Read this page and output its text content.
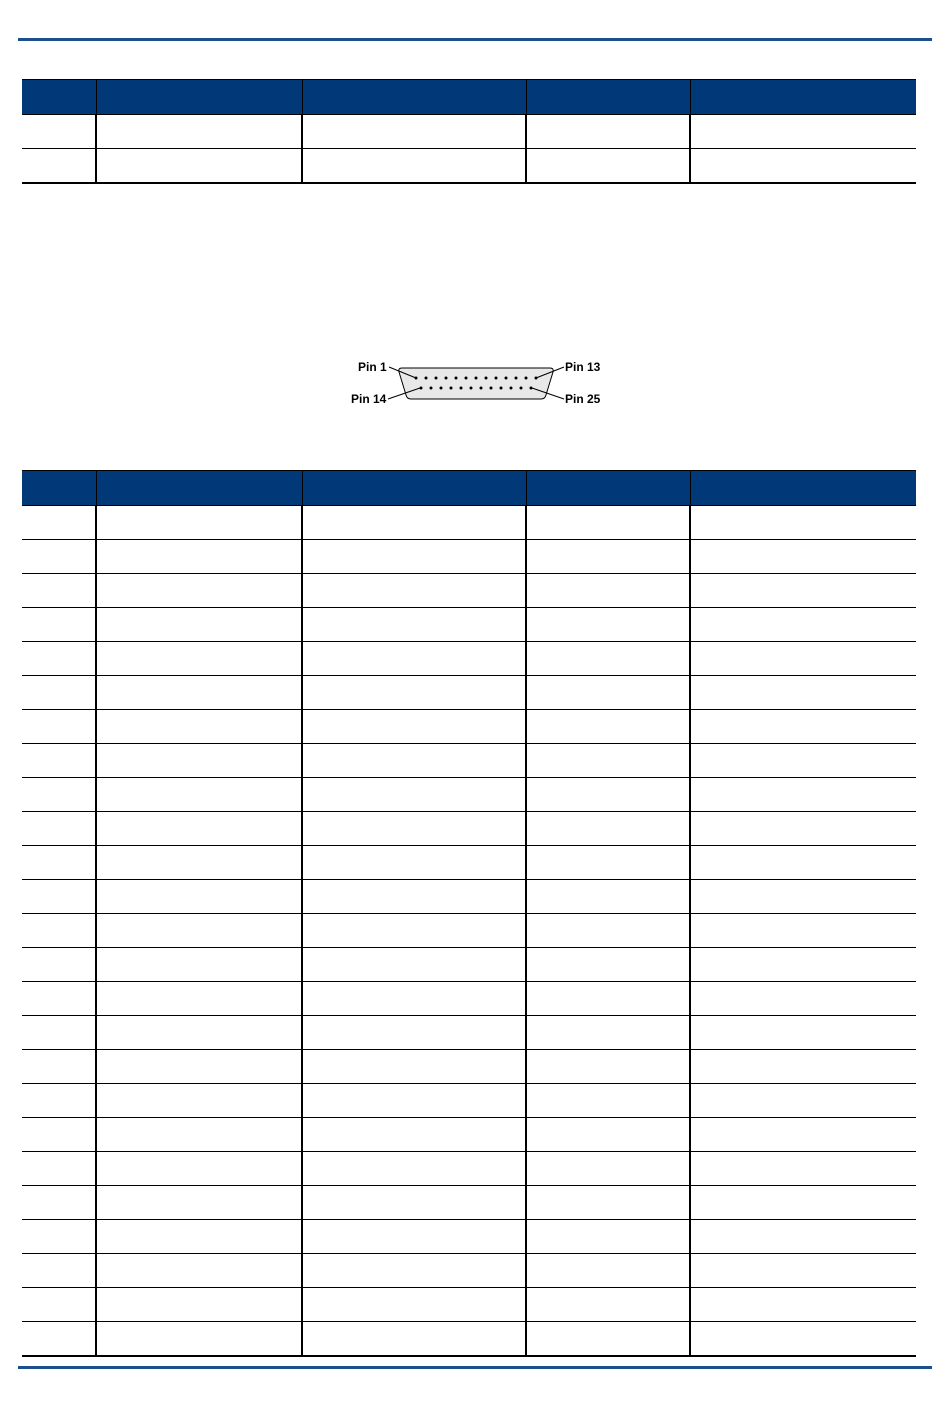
Pin 1	Pin 13
Pin 14	Pin 25
